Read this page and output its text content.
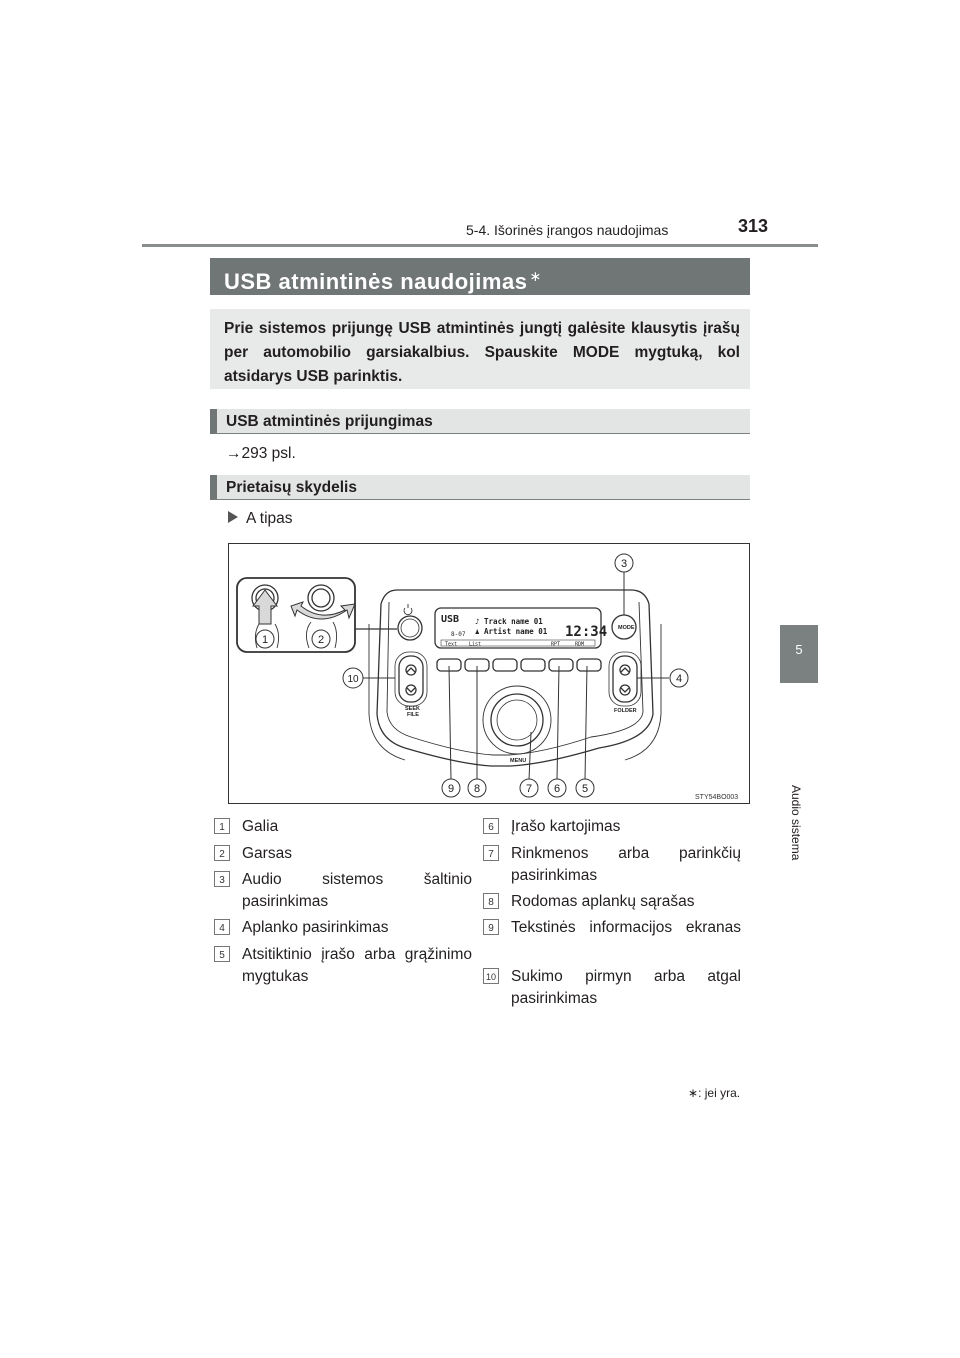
5-4. Išorinės įrangos naudojimas	313
5
Audio sistema
USB atmintinės naudojimas ∗
Prie sistemos prijungę USB atmintinės jungtį galėsite klausytis įrašų per automobilio garsiakalbius. Spauskite MODE mygtuką, kol atsidarys USB parinktis.
USB atmintinės prijungimas
→293 psl.
Prietaisų skydelis
A tipas
USB ♪ Track name 01
♟ Artist name 01
8-07	12:34
Text List	RPT	RDM
MODE
SEEK
FILE
FOLDER
MENU
1	2
3
4
5
6
7
8
9
10
STY54BO003
1 Galia
2 Garsas
3 Audio sistemos šaltinio pasirinkimas
4 Aplanko pasirinkimas
5 Atsitiktinio įrašo arba grąžinimo mygtukas
6 Įrašo kartojimas
7 Rinkmenos arba parinkčių pasirinkimas
8 Rodomas aplankų sąrašas
9 Tekstinės informacijos ekranas
10 Sukimo pirmyn arba atgal pasirinkimas
∗: jei yra.
